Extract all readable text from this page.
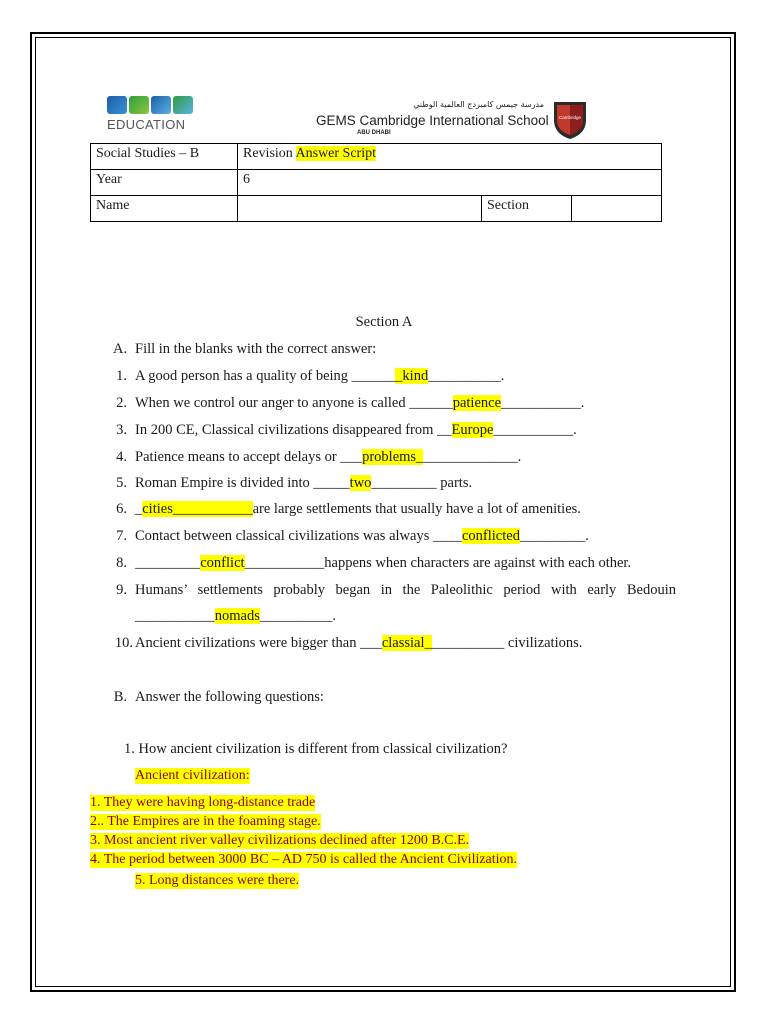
EDUCATION
مدرسة جيمس كامبردج العالمية الوطني
GEMS Cambridge International School
ABU DHABI
Cambridge
Social Studies – B	Revision Answer Script		
Year	6		
Name		Section	
Section A
A. Fill in the blanks with the correct answer:
1. A good person has a quality of being _______kind__________.
2. When we control our anger to anyone is called ______patience___________.
3. In 200 CE, Classical civilizations disappeared from __Europe___________.
4. Patience means to accept delays or ___problems______________.
5. Roman Empire is divided into _____two_________ parts.
6. _cities___________are large settlements that usually have a lot of amenities.
7. Contact between classical civilizations was always ____conflicted_________.
8. _________conflict___________happens when characters are against with each other.
9. Humans’ settlements probably began in the Paleolithic period with early Bedouin
___________nomads__________.
10. Ancient civilizations were bigger than ___classial___________ civilizations.
B. Answer the following questions:
1. How ancient civilization is different from classical civilization?
Ancient civilization:
1. They were having long-distance trade
2.. The Empires are in the foaming stage.
3. Most ancient river valley civilizations declined after 1200 B.C.E.
4. The period between 3000 BC – AD 750 is called the Ancient Civilization.
5. Long distances were there.
